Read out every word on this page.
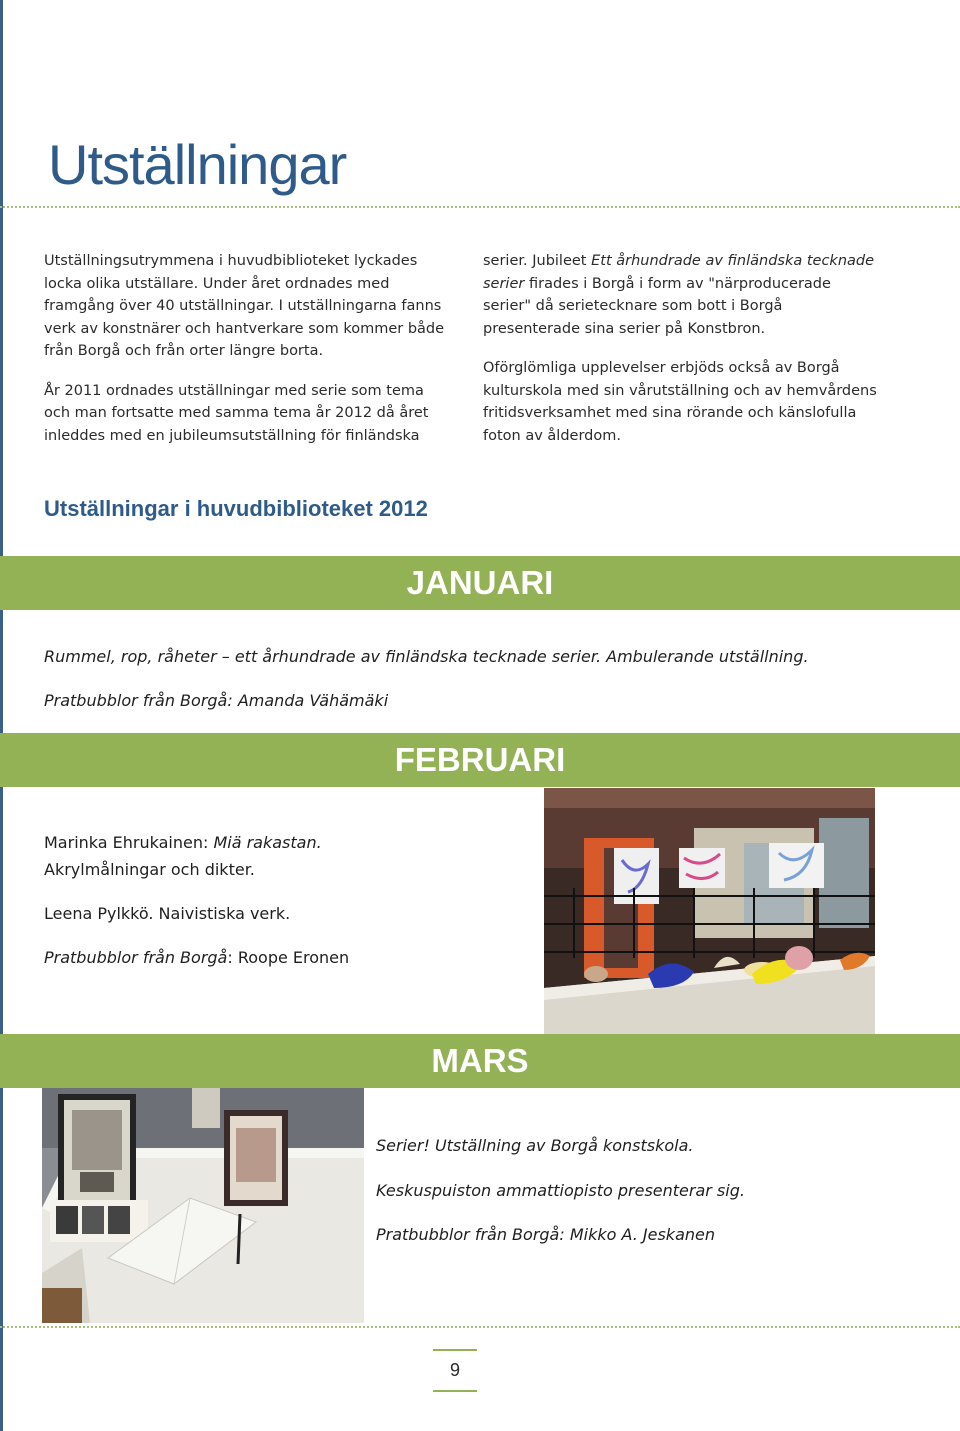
Utställningar

Utställningsutrymmena i huvudbiblioteket lyckades locka olika utställare. Under året ordnades med framgång över 40 utställningar. I utställningarna fanns verk av konstnärer och hantverkare som kommer både från Borgå och från orter längre borta.

År 2011 ordnades utställningar med serie som tema och man fortsatte med samma tema år 2012 då året inleddes med en jubileumsutställning för finländska

serier. Jubileet Ett århundrade av finländska tecknade serier firades i Borgå i form av "närproducerade serier" då serietecknare som bott i Borgå presenterade sina serier på Konstbron.

Oförglömliga upplevelser erbjöds också av Borgå kulturskola med sin vårutställning och av hemvårdens fritidsverksamhet med sina rörande och känslofulla foton av ålderdom.

Utställningar i huvudbiblioteket 2012
JANUARI

Rummel, rop, råheter – ett århundrade av finländska tecknade serier. Ambulerande utställning.

Pratbubblor från Borgå: Amanda Vähämäki

FEBRUARI

Marinka Ehrukainen: Miä rakastan.

Akrylmålningar och dikter.

Leena Pylkkö. Naivistiska verk.

Pratbubblor från Borgå: Roope Eronen

MARS

Serier! Utställning av Borgå konstskola.

Keskuspuiston ammattiopisto presenterar sig.

Pratbubblor från Borgå: Mikko A. Jeskanen

9
